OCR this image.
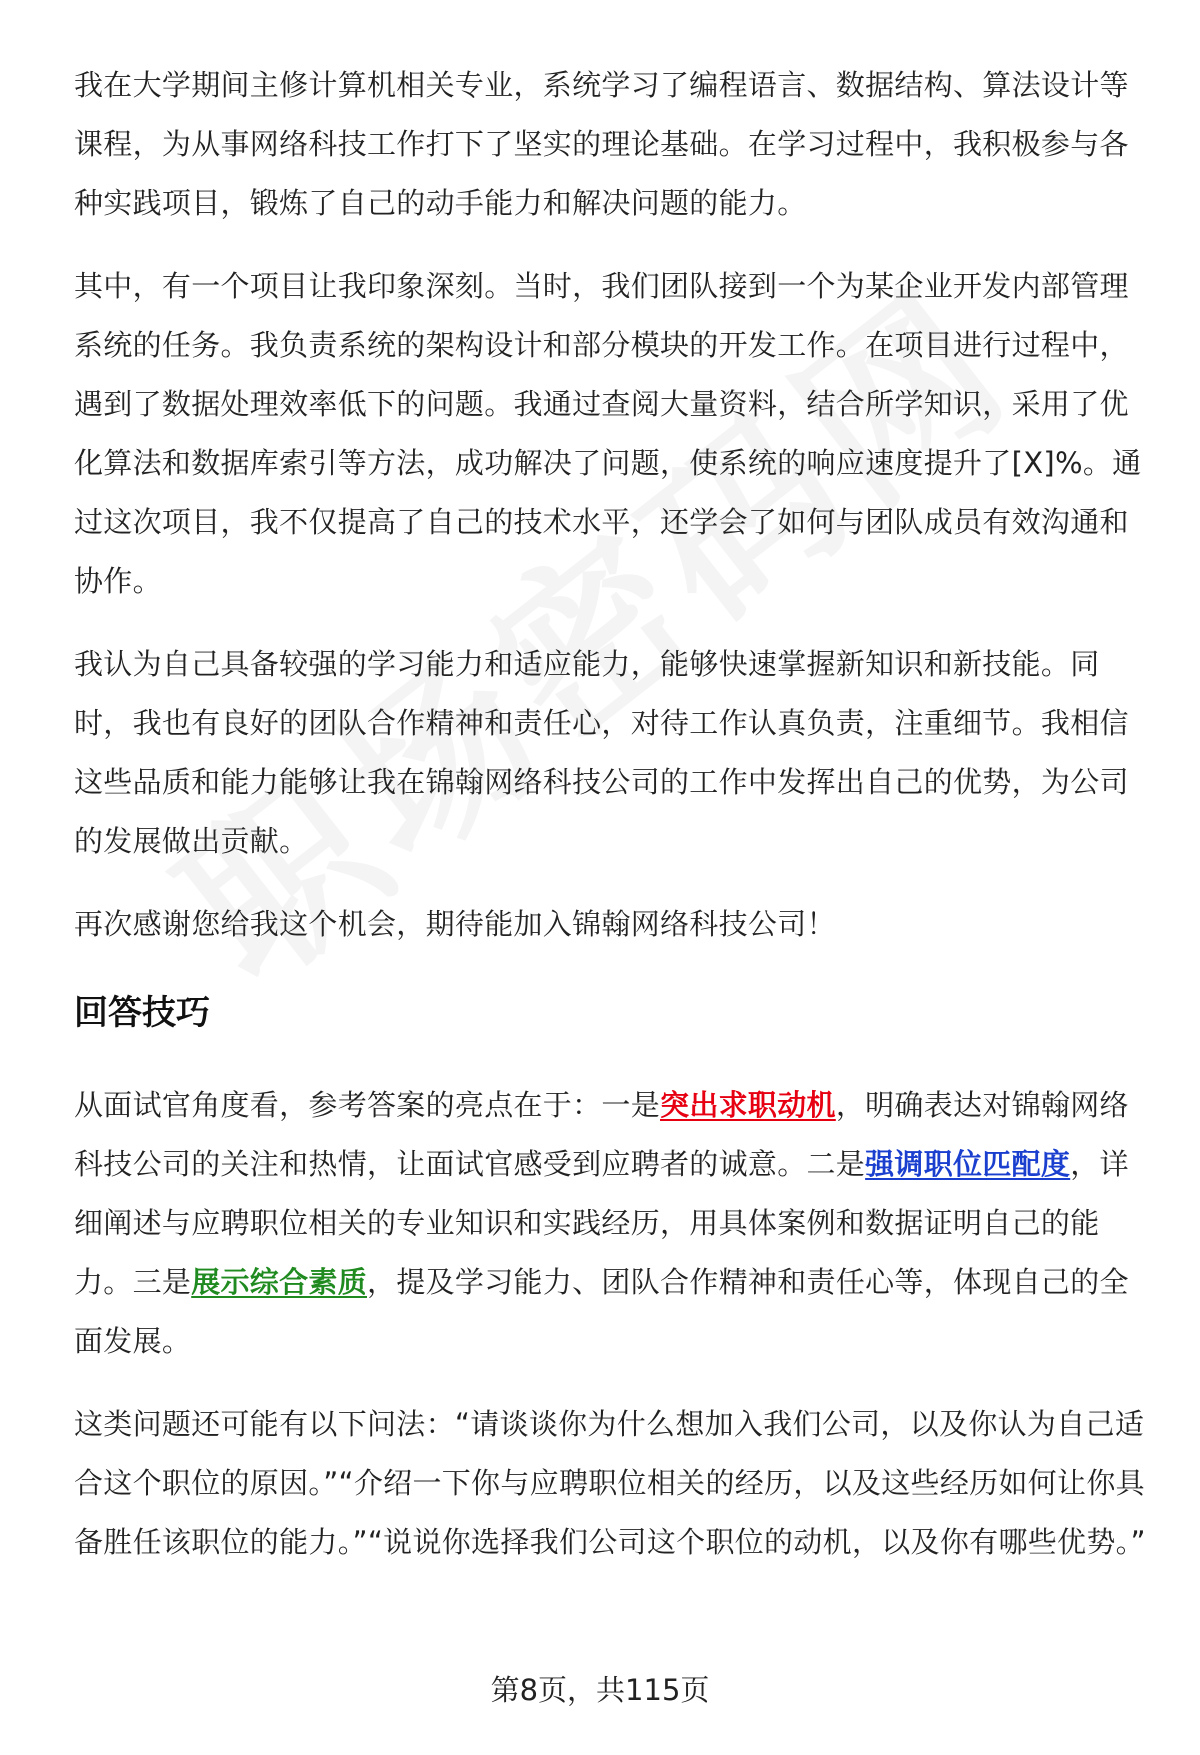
我在大学期间主修计算机相关专业，系统学习了编程语言、数据结构、算法设计等课程，为从事网络科技工作打下了坚实的理论基础。在学习过程中，我积极参与各种实践项目，锻炼了自己的动手能力和解决问题的能力。

其中，有一个项目让我印象深刻。当时，我们团队接到一个为某企业开发内部管理系统的任务。我负责系统的架构设计和部分模块的开发工作。在项目进行过程中，遇到了数据处理效率低下的问题。我通过查阅大量资料，结合所学知识，采用了优化算法和数据库索引等方法，成功解决了问题，使系统的响应速度提升了[X]%。通过这次项目，我不仅提高了自己的技术水平，还学会了如何与团队成员有效沟通和协作。

我认为自己具备较强的学习能力和适应能力，能够快速掌握新知识和新技能。同时，我也有良好的团队合作精神和责任心，对待工作认真负责，注重细节。我相信这些品质和能力能够让我在锦翰网络科技公司的工作中发挥出自己的优势，为公司的发展做出贡献。

再次感谢您给我这个机会，期待能加入锦翰网络科技公司！

回答技巧

从面试官角度看，参考答案的亮点在于：一是突出求职动机，明确表达对锦翰网络科技公司的关注和热情，让面试官感受到应聘者的诚意。二是强调职位匹配度，详细阐述与应聘职位相关的专业知识和实践经历，用具体案例和数据证明自己的能力。三是展示综合素质，提及学习能力、团队合作精神和责任心等，体现自己的全面发展。

这类问题还可能有以下问法：“请谈谈你为什么想加入我们公司，以及你认为自己适合这个职位的原因。”“介绍一下你与应聘职位相关的经历，以及这些经历如何让你具备胜任该职位的能力。”“说说你选择我们公司这个职位的动机，以及你有哪些优势。”

第8页，共115页
